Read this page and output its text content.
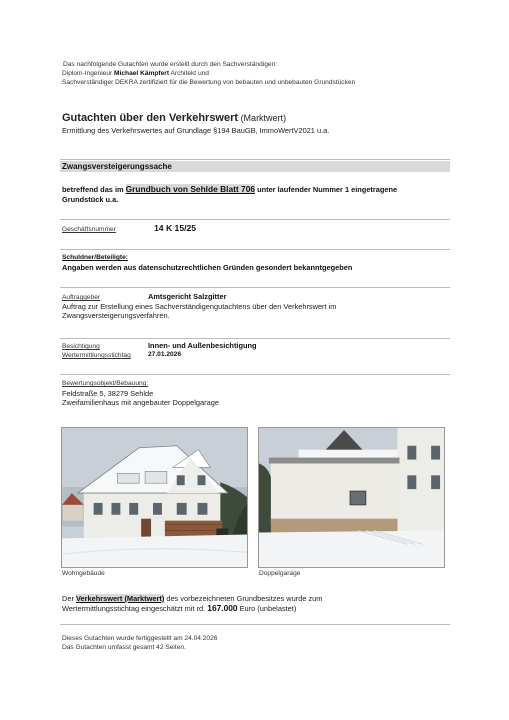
Das nachfolgende Gutachten wurde erstellt durch den Sachverständigen:
Diplom-Ingenieur Michael Kämpfert Architekt und
Sachverständiger DEKRA zertifiziert für die Bewertung von bebauten und unbebauten Grundstücken
Gutachten über den Verkehrswert (Marktwert)
Ermittlung des Verkehrswertes auf Grundlage §194 BauGB, ImmoWertV2021 u.a.
Zwangsversteigerungssache
betreffend das im Grundbuch von Sehlde Blatt 706 unter laufender Nummer 1 eingetragene
Grundstück u.a.
Geschäftsnummer	14 K 15/25
Schuldner/Beteiligte:
Angaben werden aus datenschutzrechtlichen Gründen gesondert bekanntgegeben
Auftraggeber	Amtsgericht Salzgitter
Auftrag zur Erstellung eines Sachverständigengutachtens über den Verkehrswert im
Zwangsversteigerungsverfahren.
Besichtigung	Innen- und Außenbesichtigung
Wertermittlungsstichtag	27.01.2026
Bewertungsobjekt/Bebauung:
Feldstraße 5, 38279 Sehlde
Zweifamilienhaus mit angebauter Doppelgarage
Wohngebäude	Doppelgarage
Der Verkehrswert (Marktwert) des vorbezeichneten Grundbesitzes wurde zum
Wertermittlungsstichtag eingeschätzt mit rd. 167.000 Euro (unbelastet)
Dieses Gutachten wurde fertiggestellt am 24.04.2026
Das Gutachten umfasst gesamt 42 Seiten.
